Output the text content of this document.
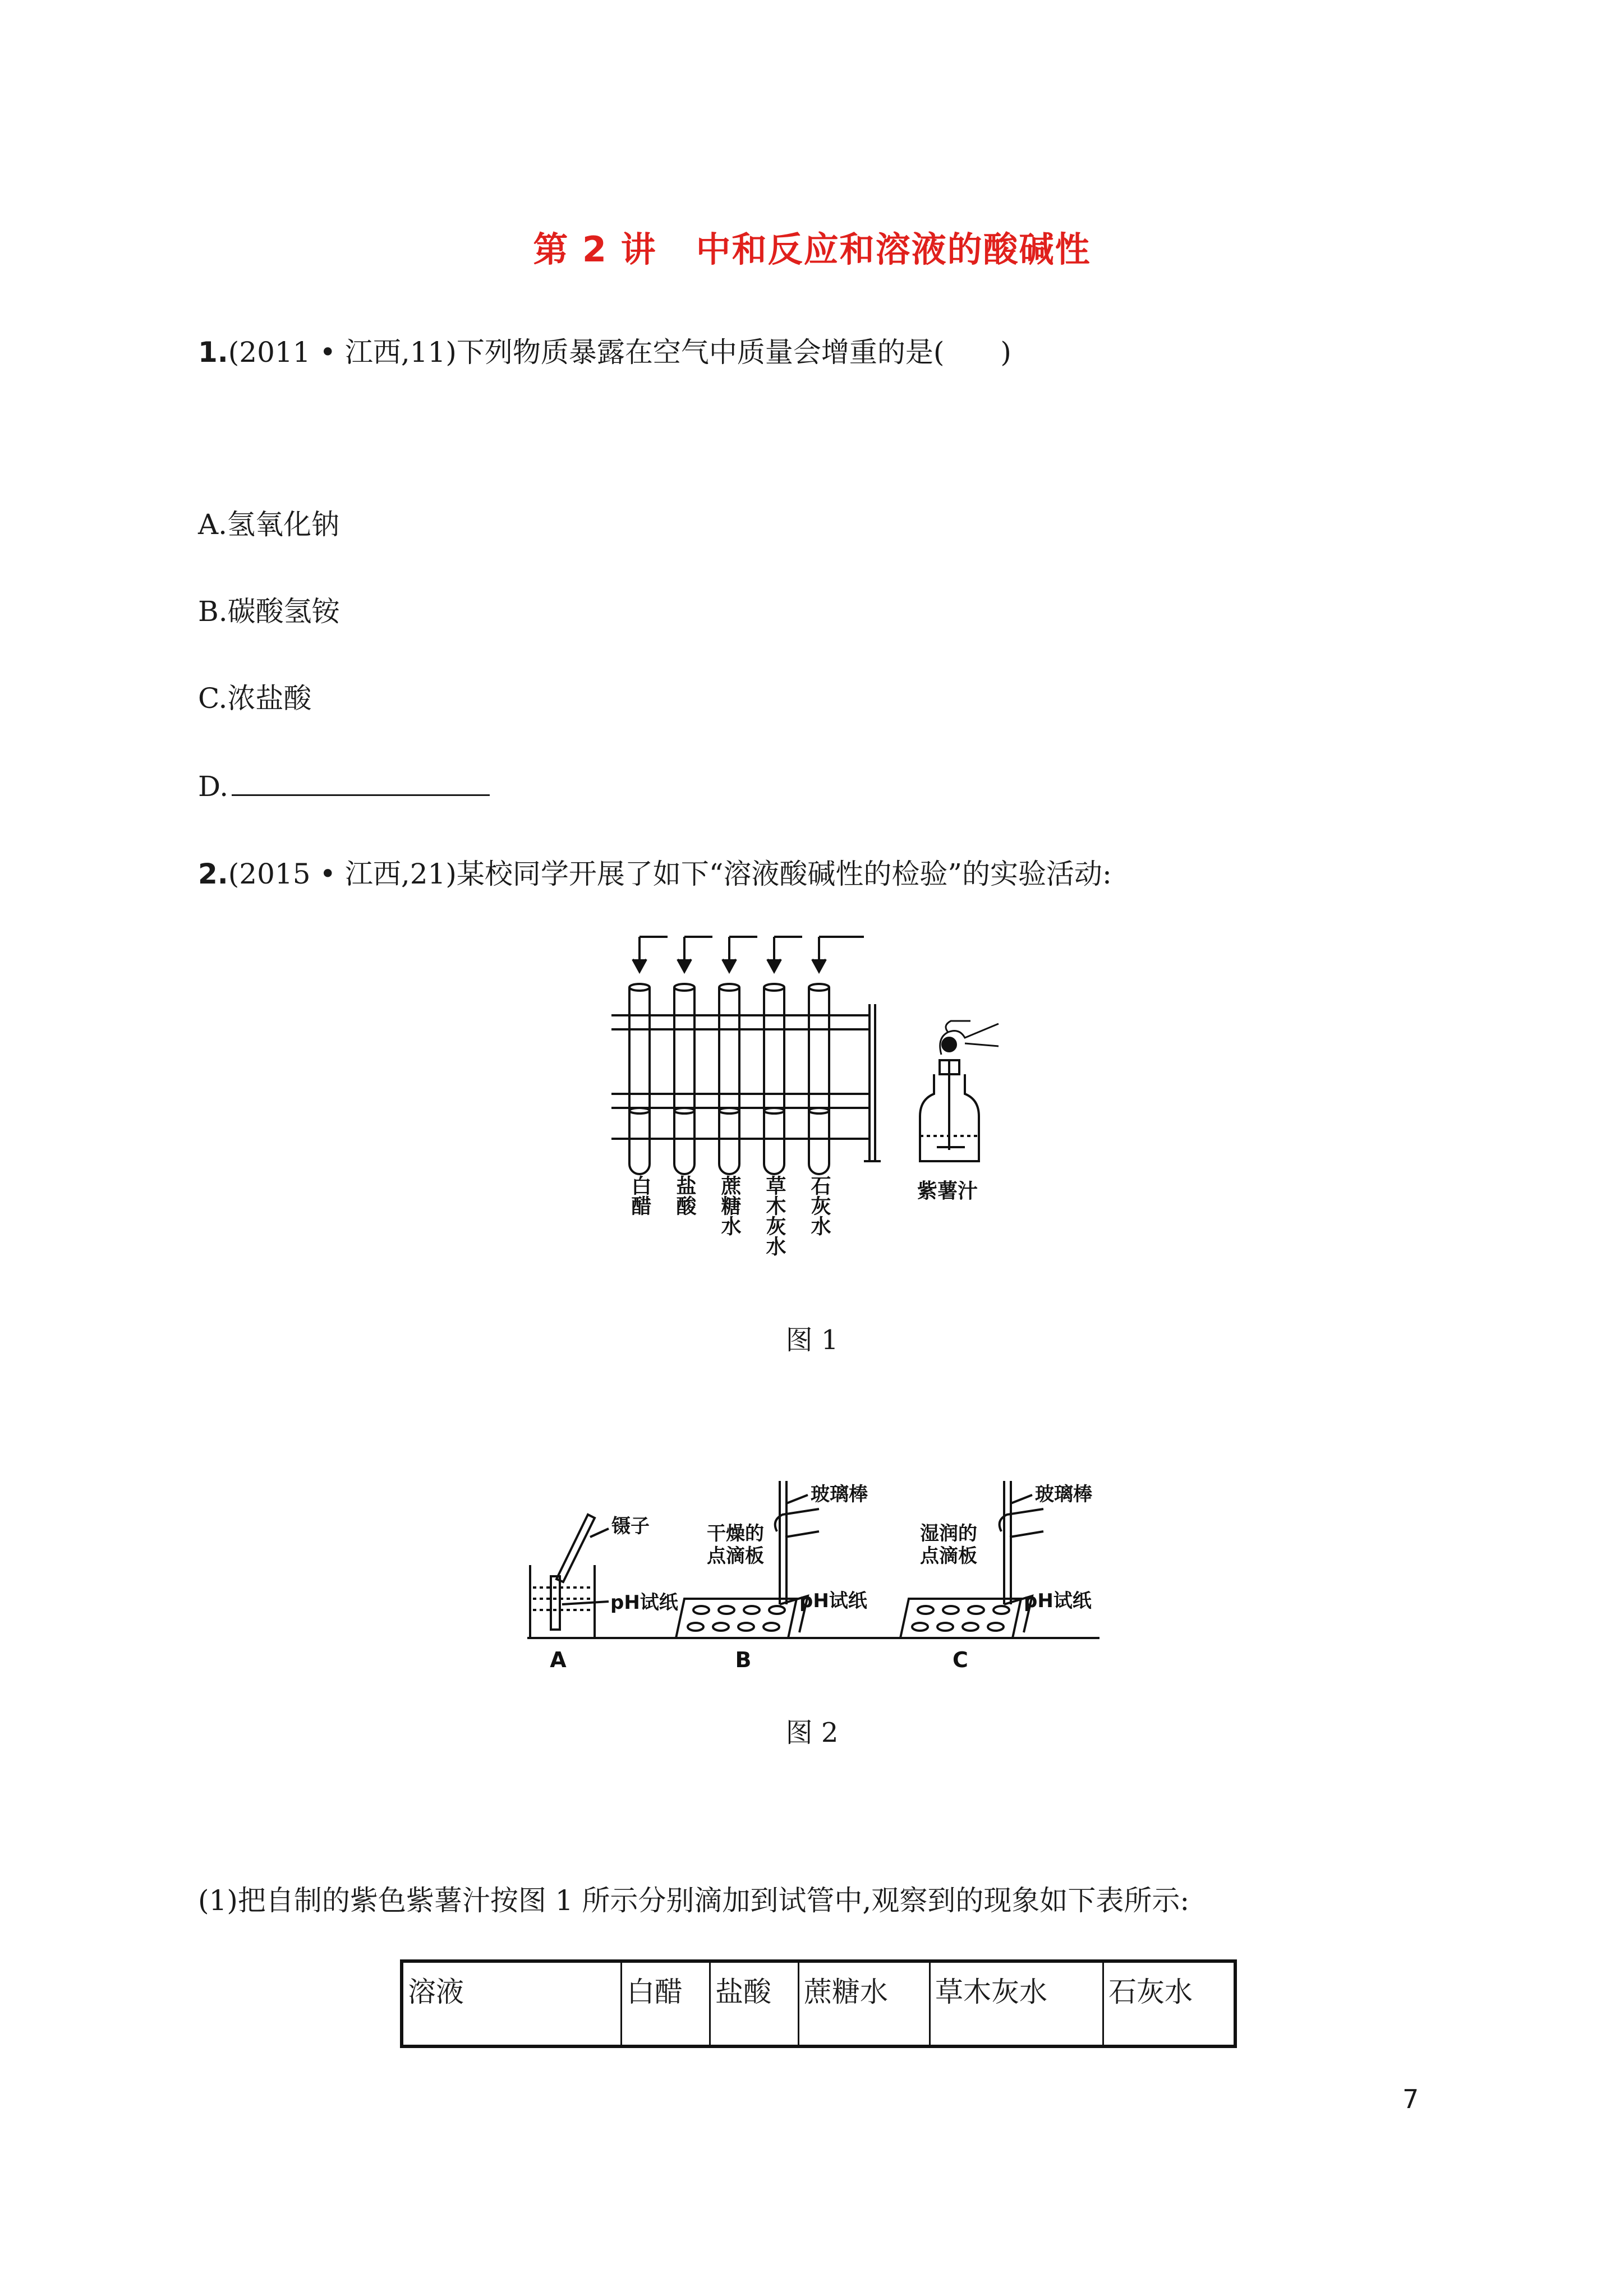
第 2 讲 中和反应和溶液的酸碱性
1.(2011 • 江西,11)下列物质暴露在空气中质量会增重的是(　　)
A.氢氧化钠
B.碳酸氢铵
C.浓盐酸
D.
2.(2015 • 江西,21)某校同学开展了如下“溶液酸碱性的检验”的实验活动:
白醋 盐酸 蔗糖水 草木灰水 石灰水	紫薯汁
图 1
镊子
pH试纸
玻璃棒
干燥的
点滴板
pH试纸
玻璃棒
湿润的
点滴板
pH试纸
A	B	C
图 2
(1)把自制的紫色紫薯汁按图 1 所示分别滴加到试管中,观察到的现象如下表所示:
溶液	白醋	盐酸	蔗糖水	草木灰水	石灰水
7
